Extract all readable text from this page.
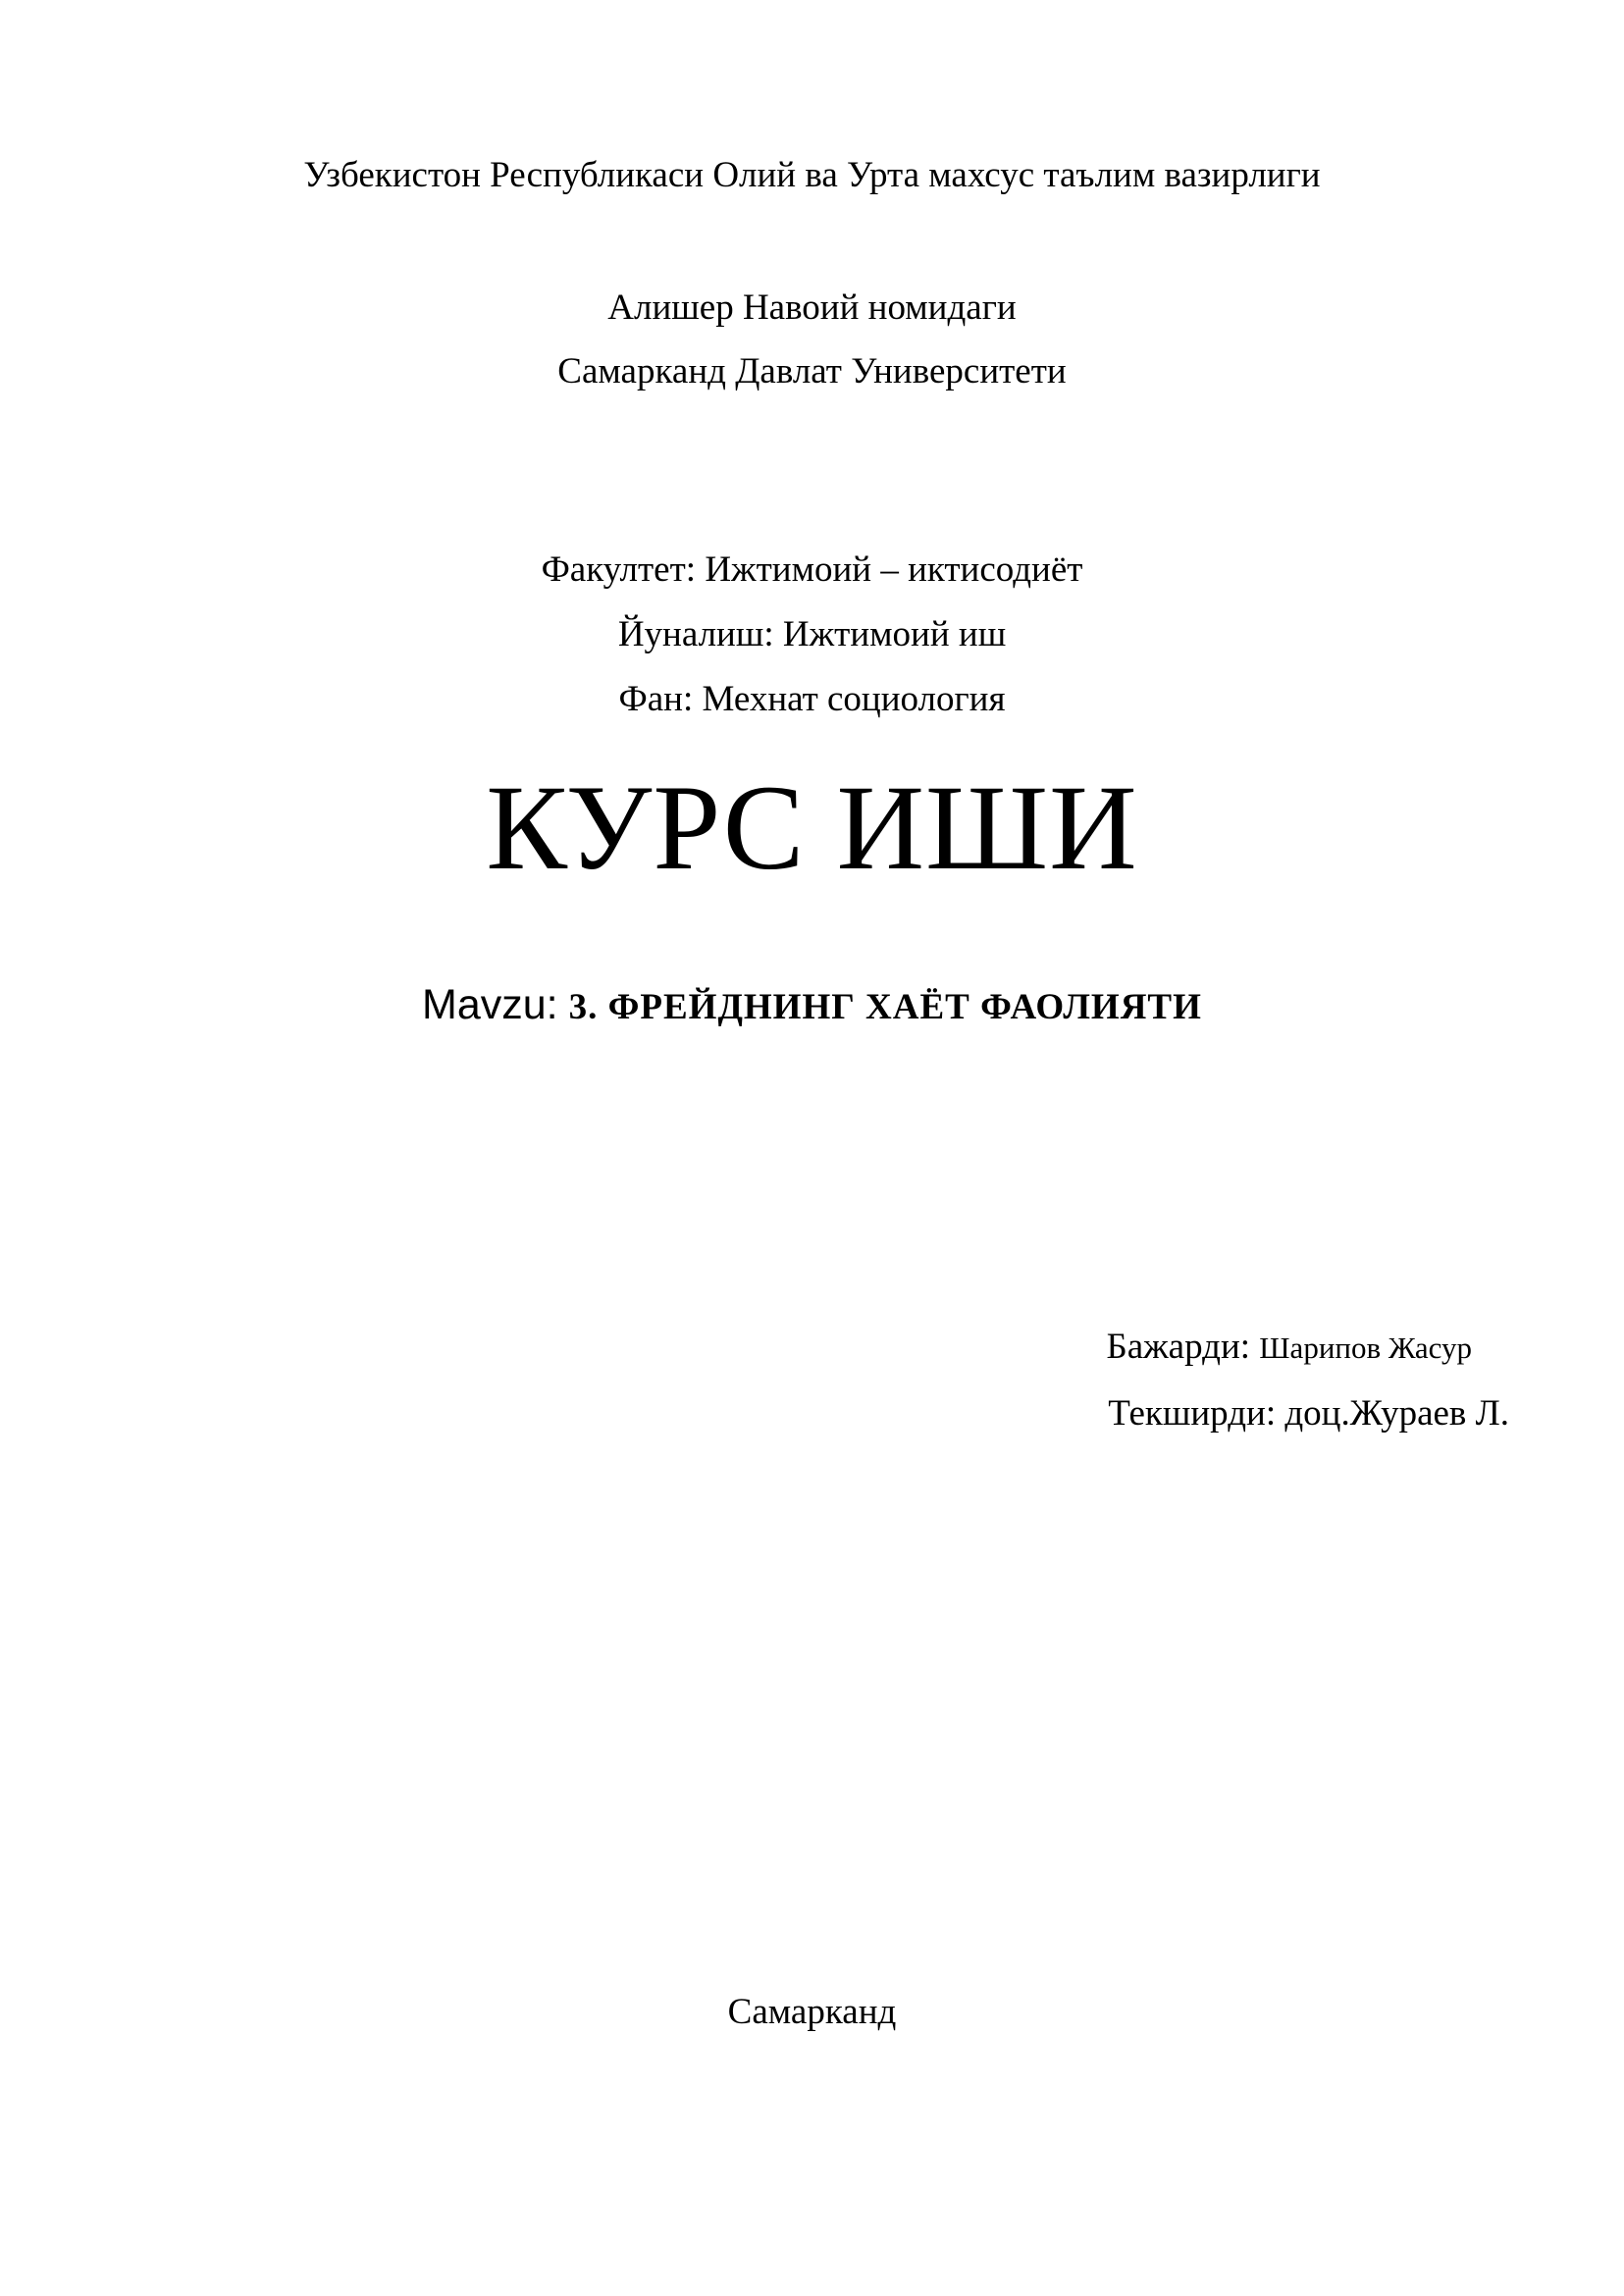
Узбекистон Республикаси Олий ва Урта махсус таълим вазирлиги
Алишер Навоий номидаги
Самарканд Давлат Университети
Факултет: Ижтимоий – иктисодиёт
Йуналиш: Ижтимоий иш
Фан: Мехнат социология
КУРС ИШИ
Mavzu: 3. ФРЕЙДНИНГ ХАЁТ ФАОЛИЯТИ
Бажарди: Шарипов Жасур
Текширди: доц.Жураев Л.
Самарканд
